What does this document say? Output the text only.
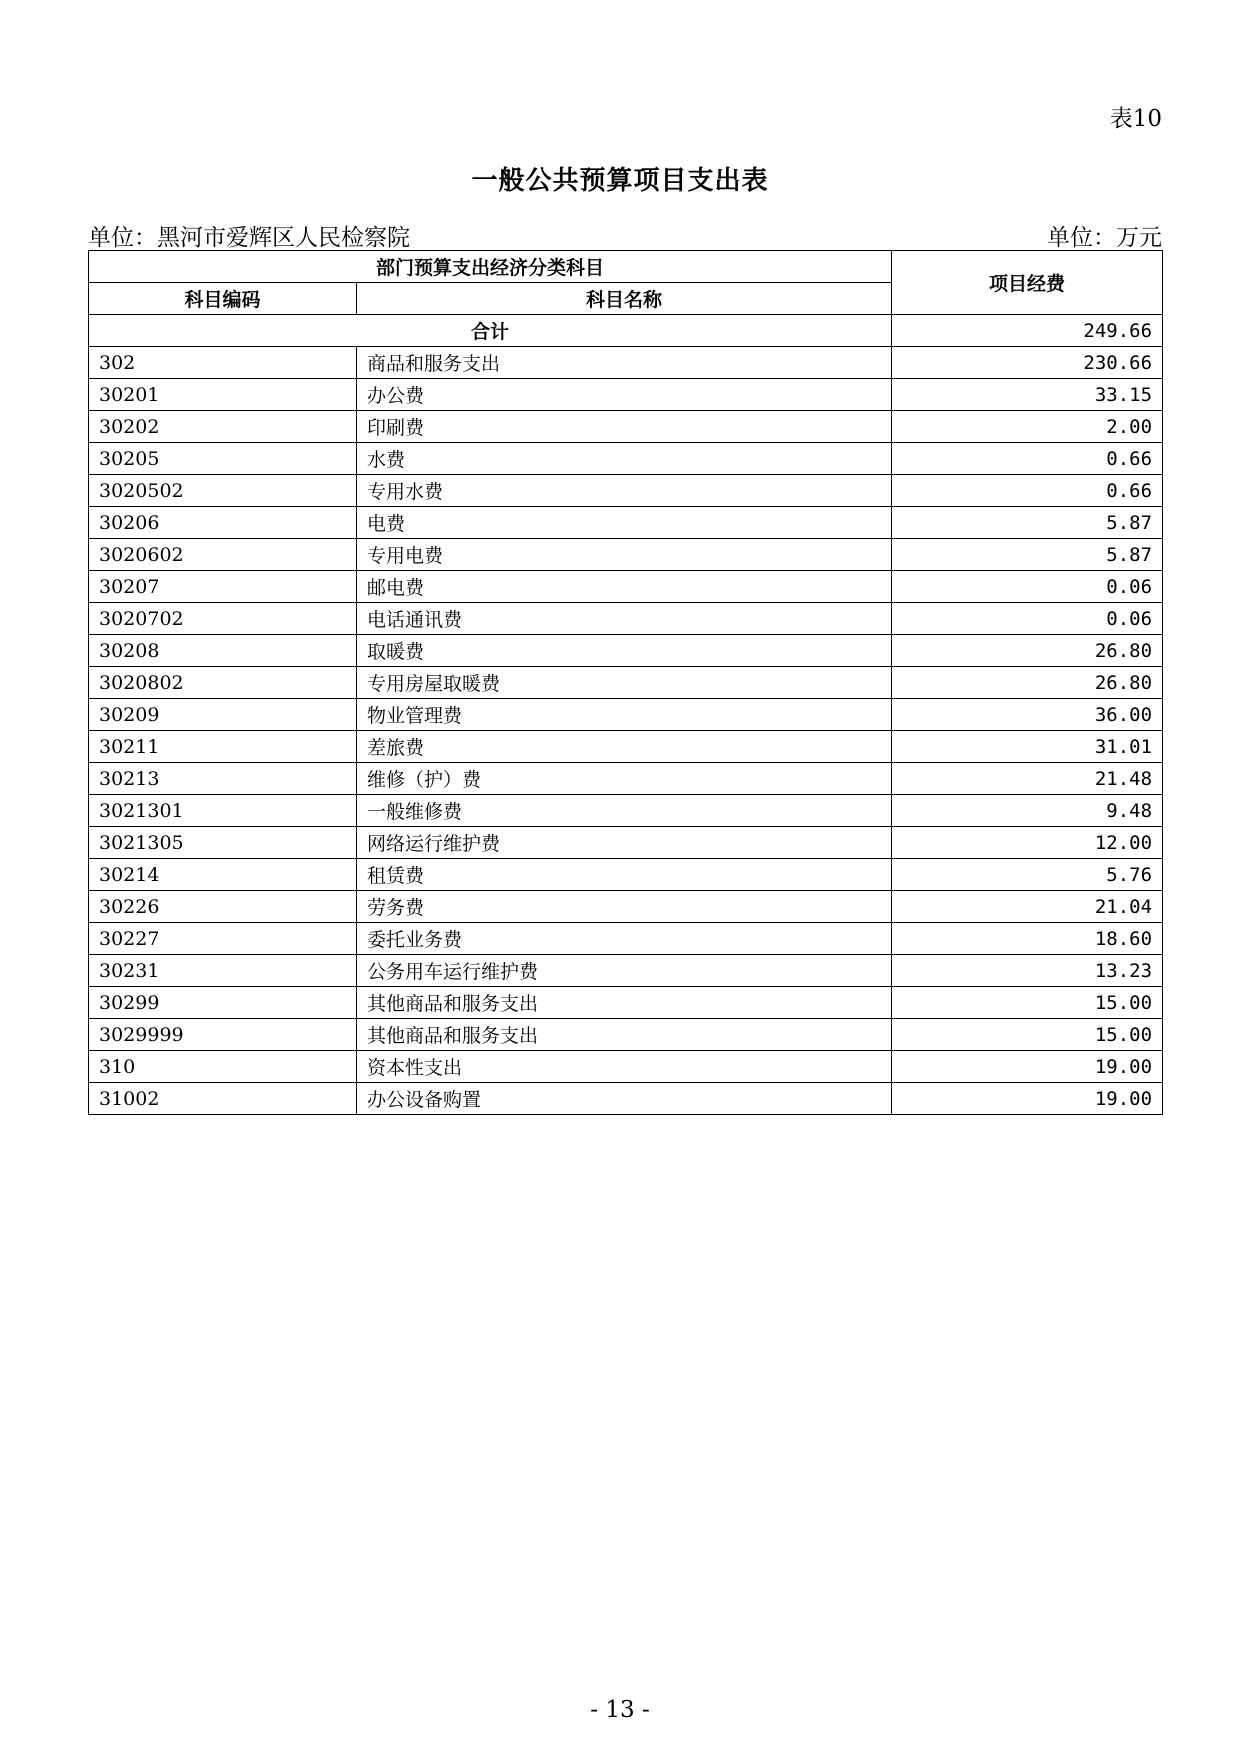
表10
一般公共预算项目支出表
单位：黑河市爱辉区人民检察院	单位：万元
部门预算支出经济分类科目		项目经费
科目编码	科目名称	
合计		249.66
302	商品和服务支出	230.66
30201	办公费	33.15
30202	印刷费	2.00
30205	水费	0.66
3020502	专用水费	0.66
30206	电费	5.87
3020602	专用电费	5.87
30207	邮电费	0.06
3020702	电话通讯费	0.06
30208	取暖费	26.80
3020802	专用房屋取暖费	26.80
30209	物业管理费	36.00
30211	差旅费	31.01
30213	维修（护）费	21.48
3021301	一般维修费	9.48
3021305	网络运行维护费	12.00
30214	租赁费	5.76
30226	劳务费	21.04
30227	委托业务费	18.60
30231	公务用车运行维护费	13.23
30299	其他商品和服务支出	15.00
3029999	其他商品和服务支出	15.00
310	资本性支出	19.00
31002	办公设备购置	19.00
- 13 -
